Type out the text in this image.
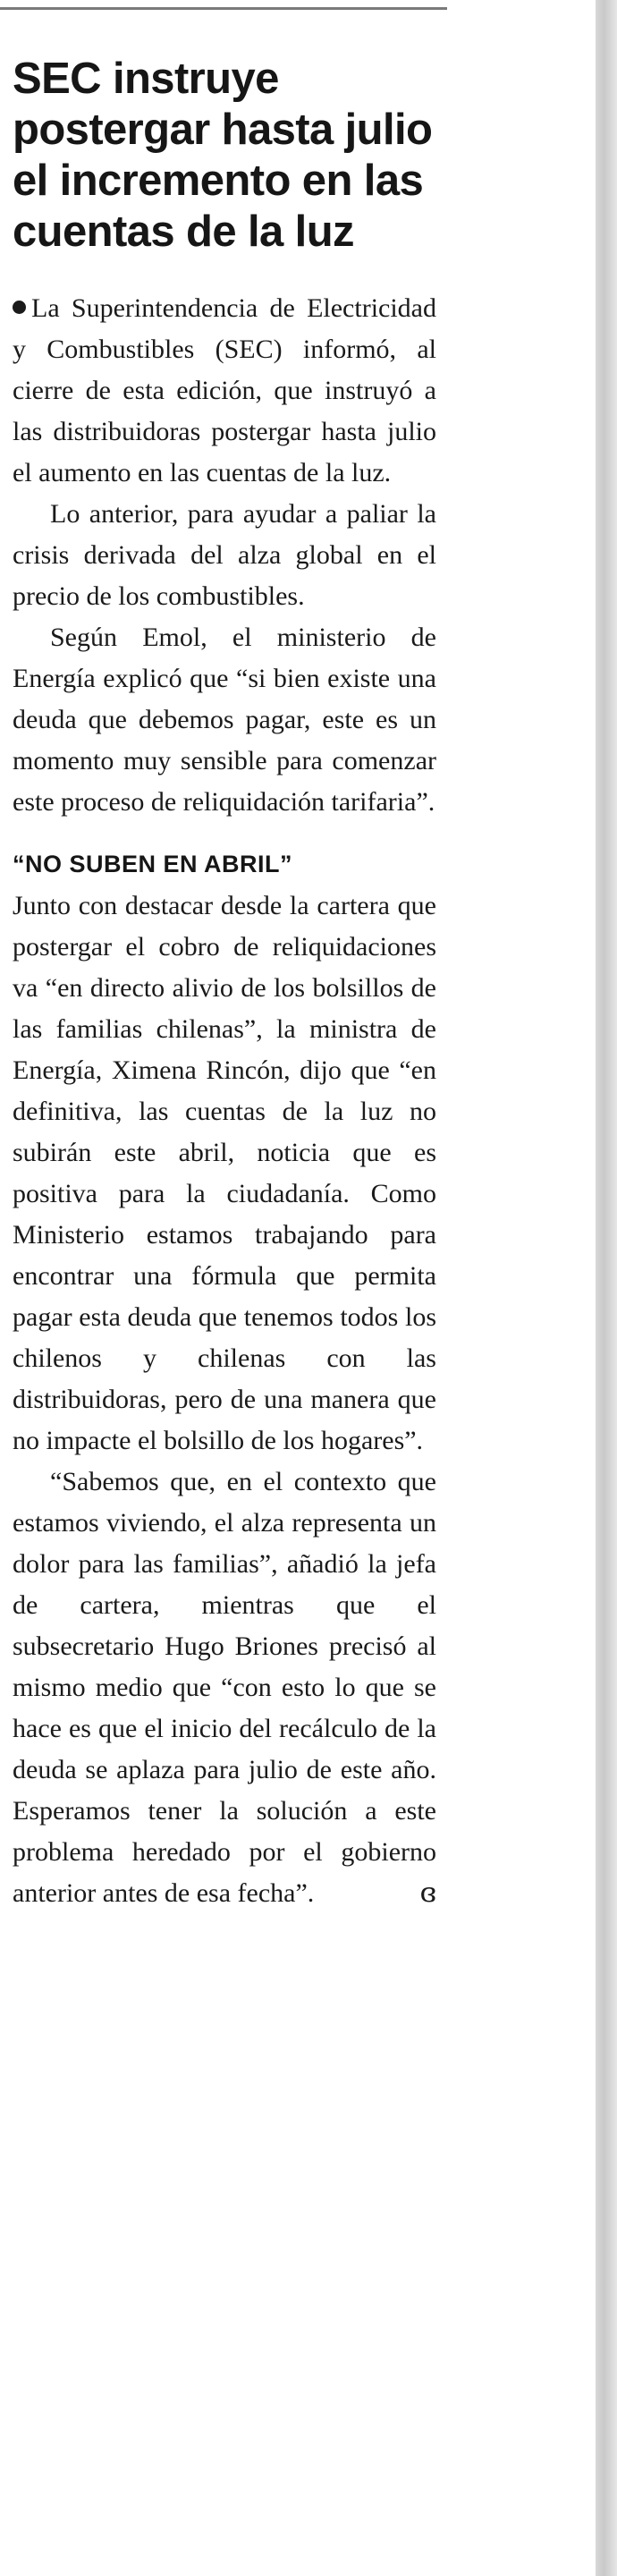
SEC instruye postergar hasta julio el incremento en las cuentas de la luz

La Superintendencia de Electricidad y Combustibles (SEC) informó, al cierre de esta edición, que instruyó a las distribuidoras postergar hasta julio el aumento en las cuentas de la luz.

Lo anterior, para ayudar a paliar la crisis derivada del alza global en el precio de los combustibles.

Según Emol, el ministerio de Energía explicó que “si bien existe una deuda que debemos pagar, este es un momento muy sensible para comenzar este proceso de reliquidación tarifaria”.

“NO SUBEN EN ABRIL”

Junto con destacar desde la cartera que postergar el cobro de reliquidaciones va “en directo alivio de los bolsillos de las familias chilenas”, la ministra de Energía, Ximena Rincón, dijo que “en definitiva, las cuentas de la luz no subirán este abril, noticia que es positiva para la ciudadanía. Como Ministerio estamos trabajando para encontrar una fórmula que permita pagar esta deuda que tenemos todos los chilenos y chilenas con las distribuidoras, pero de una manera que no impacte el bolsillo de los hogares”.

“Sabemos que, en el contexto que estamos viviendo, el alza representa un dolor para las familias”, añadió la jefa de cartera, mientras que el subsecretario Hugo Briones precisó al mismo medio que “con esto lo que se hace es que el inicio del recálculo de la deuda se aplaza para julio de este año. Esperamos tener la solución a este problema heredado por el gobierno anterior antes de esa fecha”.	ɞ
